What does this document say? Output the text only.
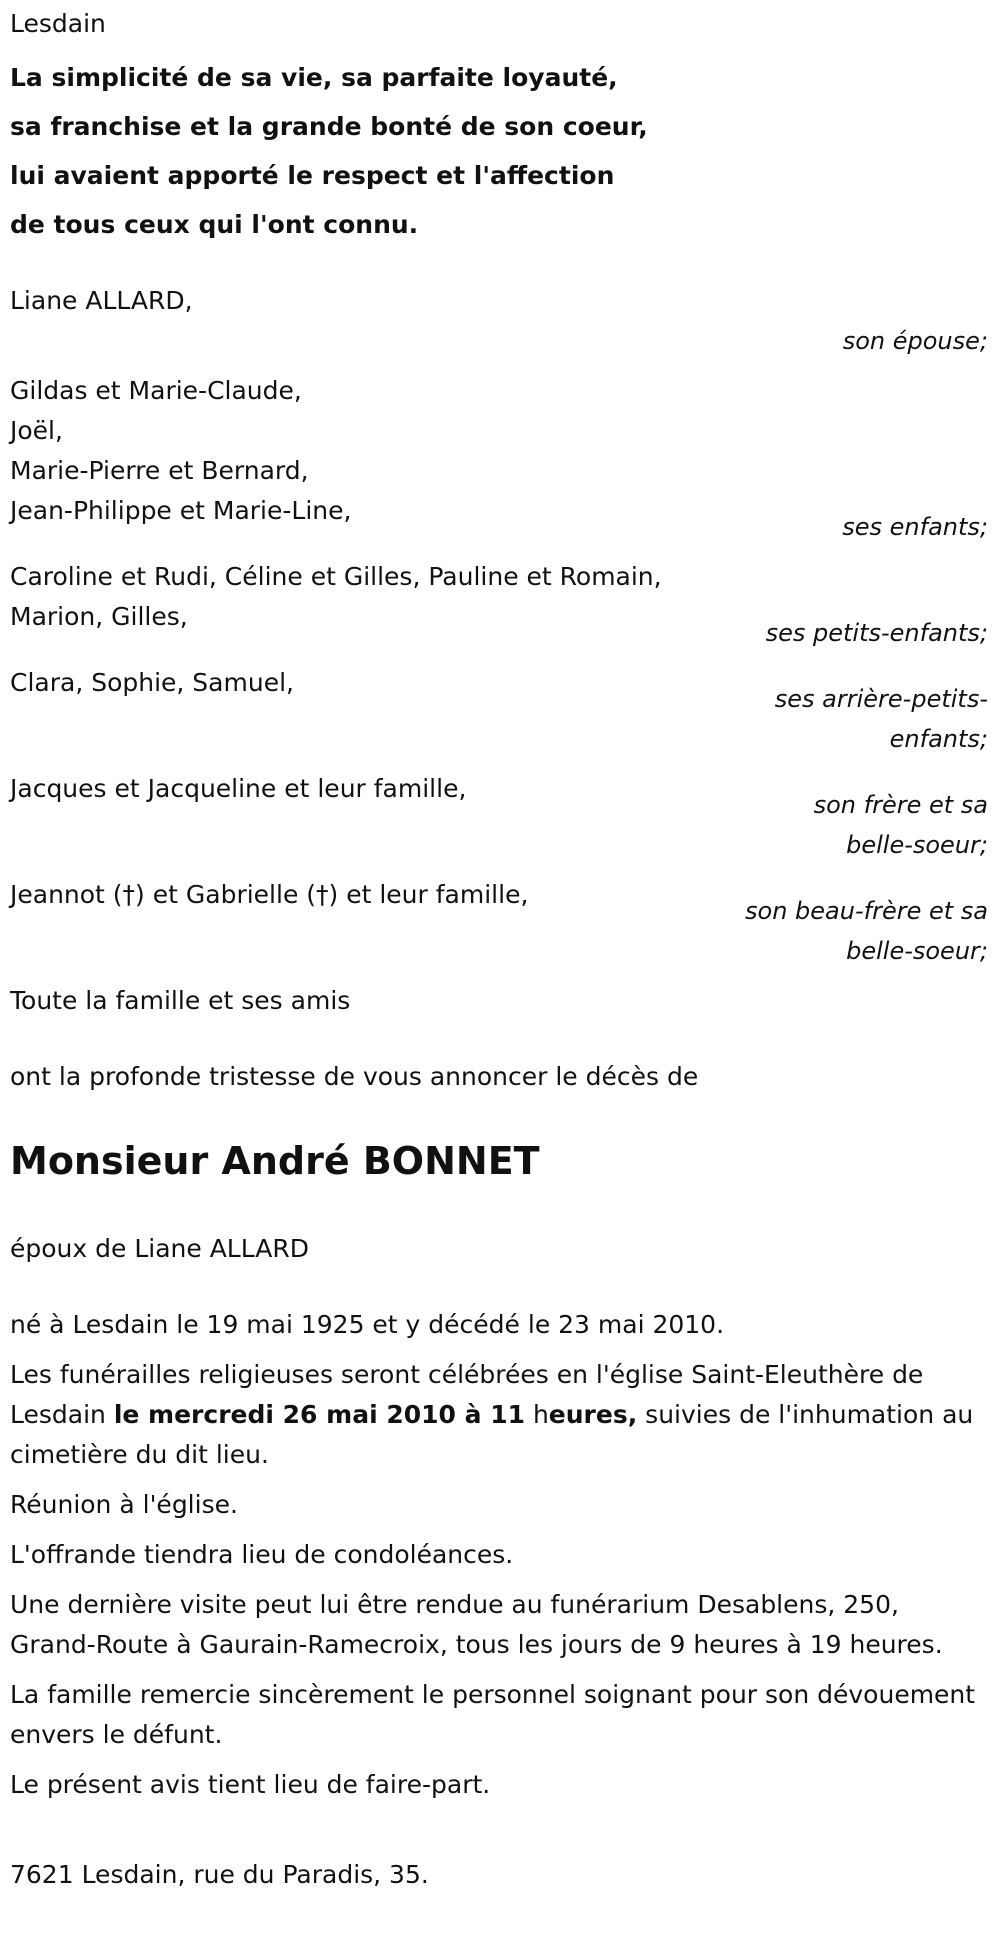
Lesdain

La simplicité de sa vie, sa parfaite loyauté,

sa franchise et la grande bonté de son coeur,

lui avaient apporté le respect et l'affection

de tous ceux qui l'ont connu.

Liane ALLARD,

son épouse;

Gildas et Marie-Claude,

Joël,

Marie-Pierre et Bernard,

Jean-Philippe et Marie-Line,

ses enfants;

Caroline et Rudi, Céline et Gilles, Pauline et Romain,

Marion, Gilles,

ses petits-enfants;

Clara, Sophie, Samuel,

ses arrière-petits-
enfants;

Jacques et Jacqueline et leur famille,

son frère et sa
belle-soeur;

Jeannot (†) et Gabrielle (†) et leur famille,

son beau-frère et sa
belle-soeur;

Toute la famille et ses amis

ont la profonde tristesse de vous annoncer le décès de

Monsieur André BONNET

époux de Liane ALLARD

né à Lesdain le 19 mai 1925 et y décédé le 23 mai 2010.

Les funérailles religieuses seront célébrées en l'église Saint-Eleuthère de Lesdain le mercredi 26 mai 2010 à 11 heures, suivies de l'inhumation au cimetière du dit lieu.

Réunion à l'église.

L'offrande tiendra lieu de condoléances.

Une dernière visite peut lui être rendue au funérarium Desablens, 250, Grand-Route à Gaurain-Ramecroix, tous les jours de 9 heures à 19 heures.

La famille remercie sincèrement le personnel soignant pour son dévouement envers le défunt.

Le présent avis tient lieu de faire-part.

7621 Lesdain, rue du Paradis, 35.
